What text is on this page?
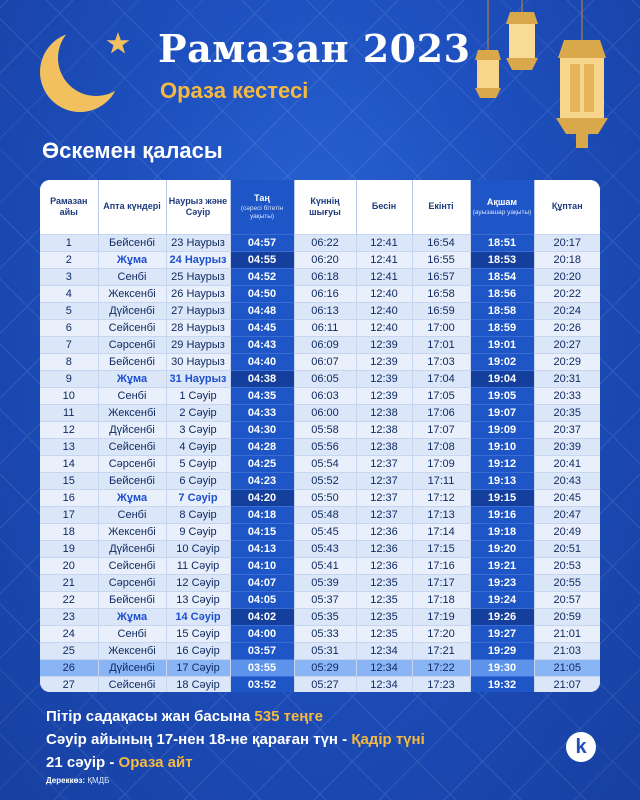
Рамазан 2023
Ораза кестесі
Өскемен қаласы
Рамазан айы	Апта күндері	Наурыз және Сәуір	Таң
(сәресі бітетін уақыты)	Күннің шығуы	Бесін	Екінті	Ақшам
(ауызашар уақыты)	Құптан
1	Бейсенбі	23 Наурыз	04:57	06:22	12:41	16:54	18:51	20:17
2	Жұма	24 Наурыз	04:55	06:20	12:41	16:55	18:53	20:18
3	Сенбі	25 Наурыз	04:52	06:18	12:41	16:57	18:54	20:20
4	Жексенбі	26 Наурыз	04:50	06:16	12:40	16:58	18:56	20:22
5	Дүйсенбі	27 Наурыз	04:48	06:13	12:40	16:59	18:58	20:24
6	Сейсенбі	28 Наурыз	04:45	06:11	12:40	17:00	18:59	20:26
7	Сәрсенбі	29 Наурыз	04:43	06:09	12:39	17:01	19:01	20:27
8	Бейсенбі	30 Наурыз	04:40	06:07	12:39	17:03	19:02	20:29
9	Жұма	31 Наурыз	04:38	06:05	12:39	17:04	19:04	20:31
10	Сенбі	1 Сәуір	04:35	06:03	12:39	17:05	19:05	20:33
11	Жексенбі	2 Сәуір	04:33	06:00	12:38	17:06	19:07	20:35
12	Дүйсенбі	3 Сәуір	04:30	05:58	12:38	17:07	19:09	20:37
13	Сейсенбі	4 Сәуір	04:28	05:56	12:38	17:08	19:10	20:39
14	Сәрсенбі	5 Сәуір	04:25	05:54	12:37	17:09	19:12	20:41
15	Бейсенбі	6 Сәуір	04:23	05:52	12:37	17:11	19:13	20:43
16	Жұма	7 Сәуір	04:20	05:50	12:37	17:12	19:15	20:45
17	Сенбі	8 Сәуір	04:18	05:48	12:37	17:13	19:16	20:47
18	Жексенбі	9 Сәуір	04:15	05:45	12:36	17:14	19:18	20:49
19	Дүйсенбі	10 Сәуір	04:13	05:43	12:36	17:15	19:20	20:51
20	Сейсенбі	11 Сәуір	04:10	05:41	12:36	17:16	19:21	20:53
21	Сәрсенбі	12 Сәуір	04:07	05:39	12:35	17:17	19:23	20:55
22	Бейсенбі	13 Сәуір	04:05	05:37	12:35	17:18	19:24	20:57
23	Жұма	14 Сәуір	04:02	05:35	12:35	17:19	19:26	20:59
24	Сенбі	15 Сәуір	04:00	05:33	12:35	17:20	19:27	21:01
25	Жексенбі	16 Сәуір	03:57	05:31	12:34	17:21	19:29	21:03
26	Дүйсенбі	17 Сәуір	03:55	05:29	12:34	17:22	19:30	21:05
27	Сейсенбі	18 Сәуір	03:52	05:27	12:34	17:23	19:32	21:07

Пітір садақасы жан басына 535 теңге

Сәуір айының 17-нен 18-не қараған түн - Қадір түні

21 сәуір - Ораза айт

Дереккөз: ҚМДБ

k
